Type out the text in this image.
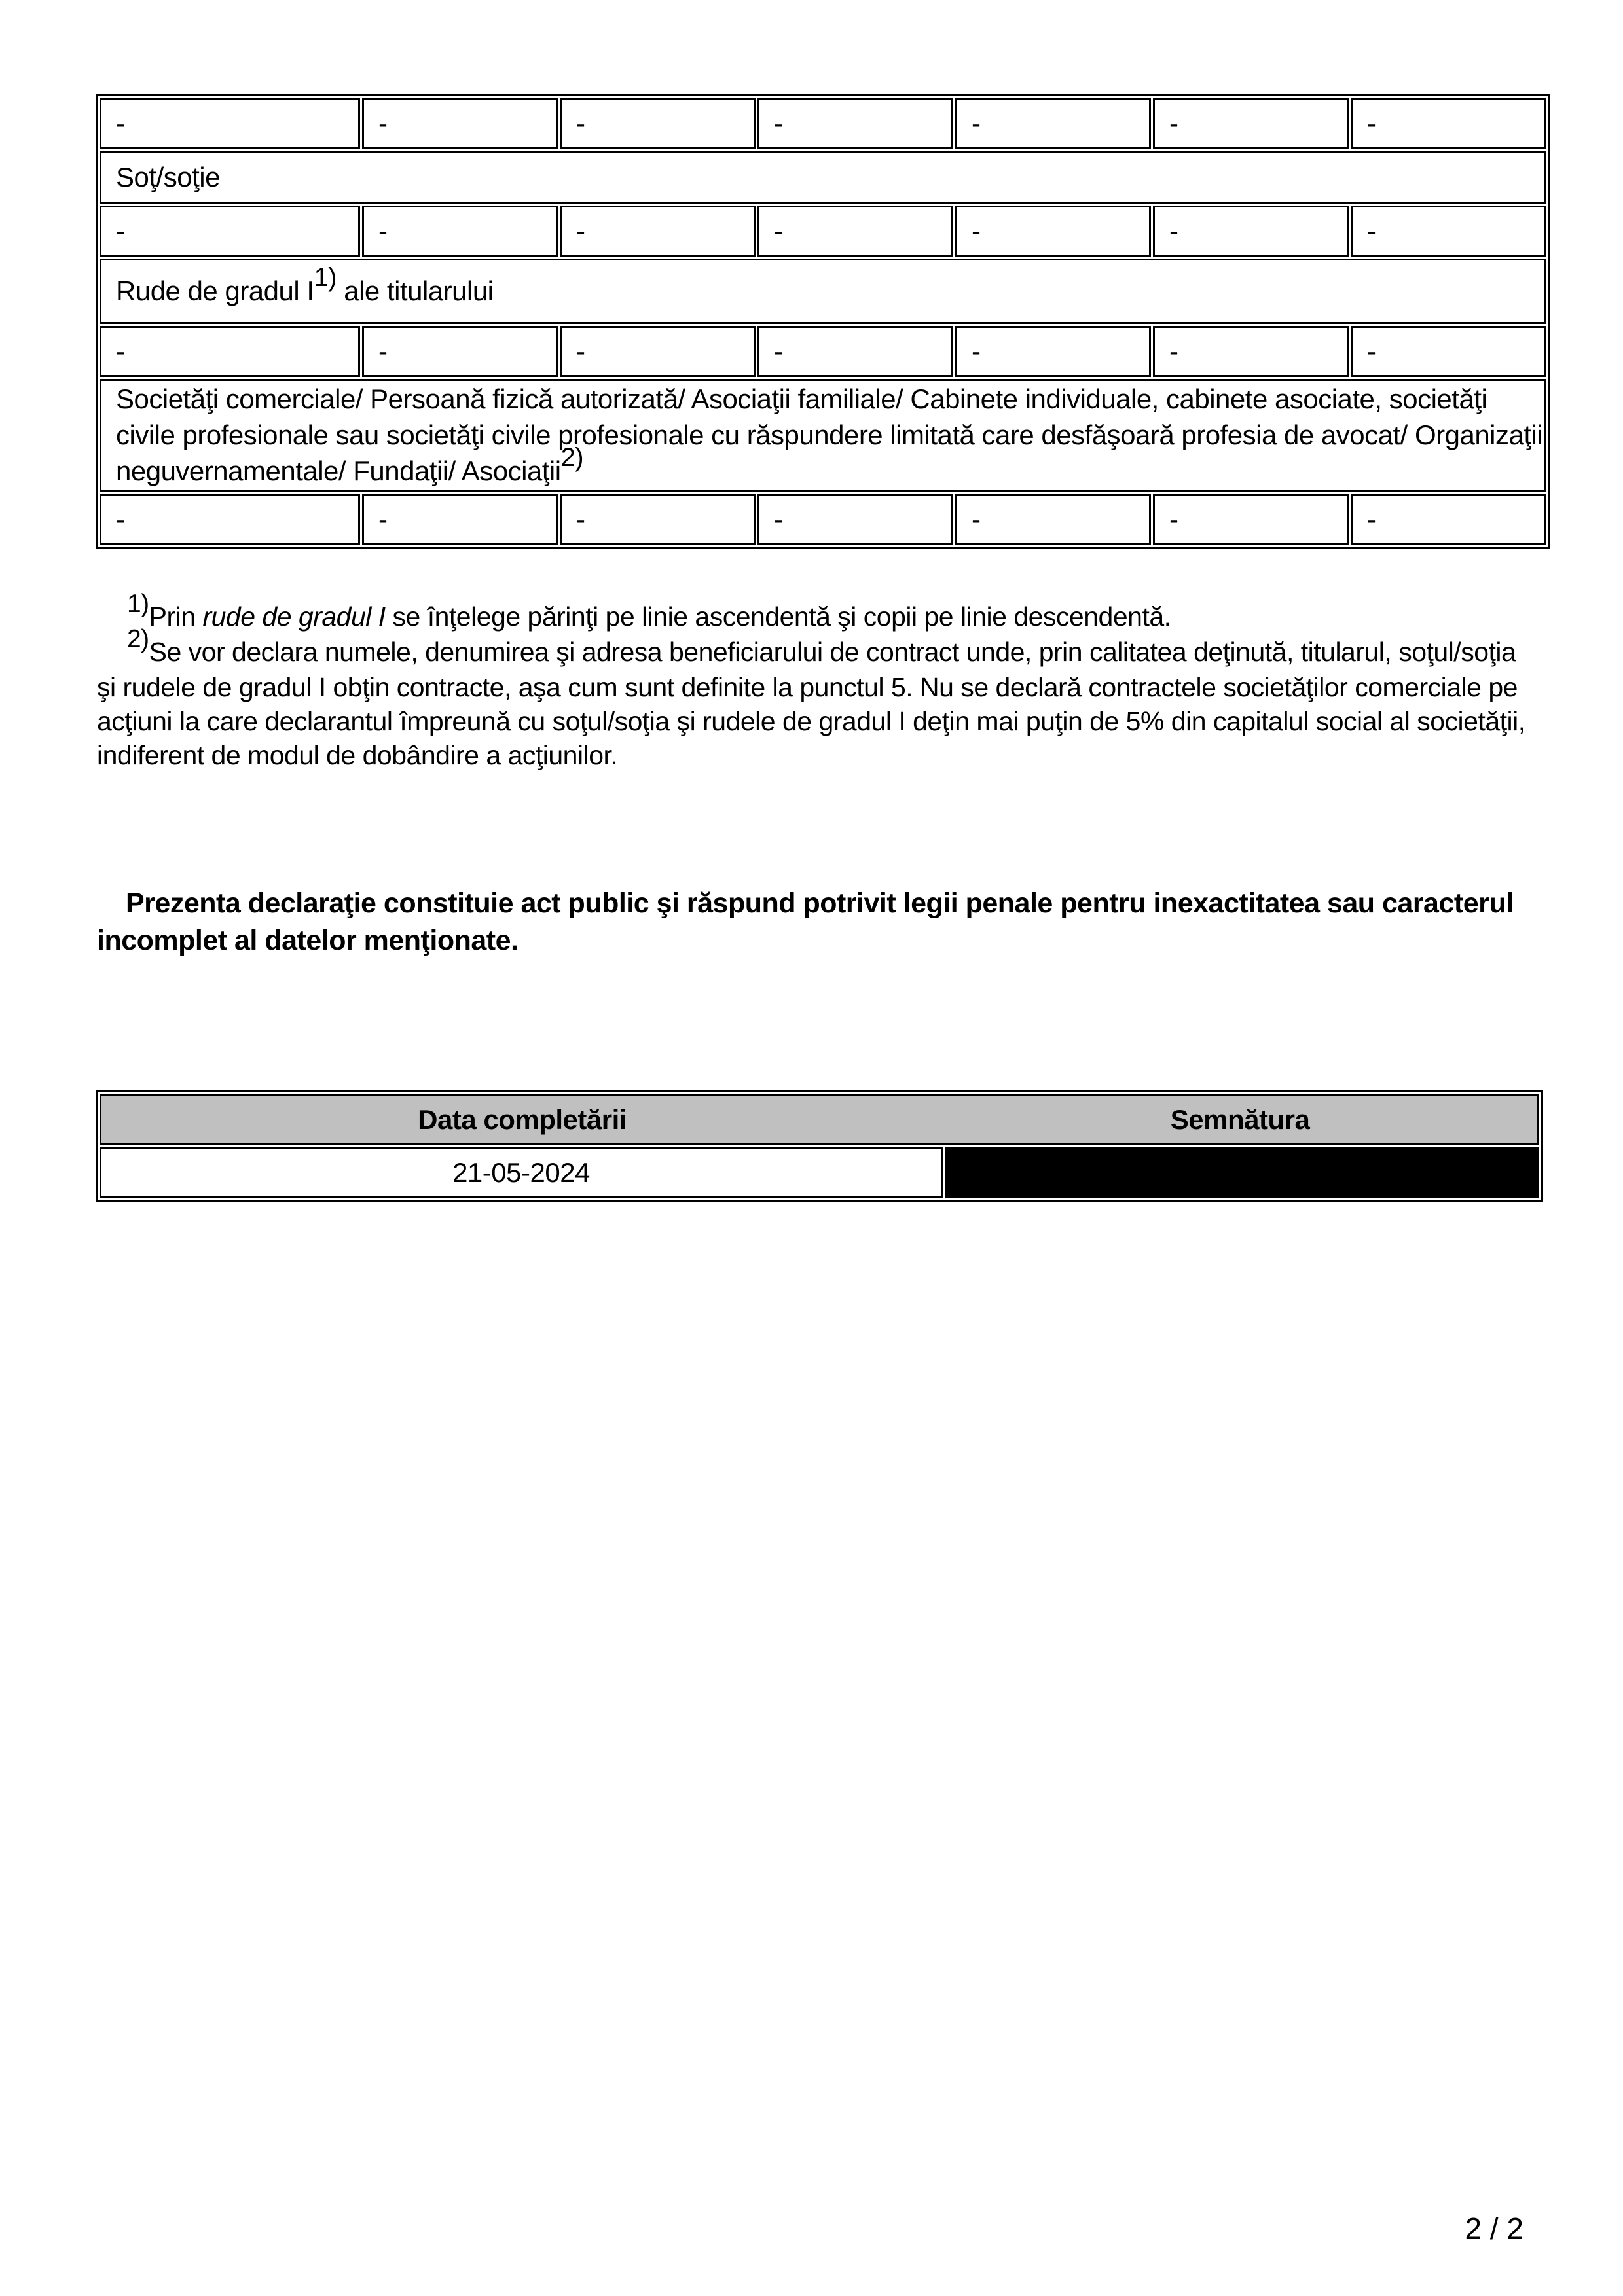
-	-	-	-	-	-	-
Soţ/soţie						
-	-	-	-	-	-	-
Rude de gradul I1) ale titularului						
-	-	-	-	-	-	-
Societăţi comerciale/ Persoană fizică autorizată/ Asociaţii familiale/ Cabinete individuale, cabinete asociate, societăţi civile profesionale sau societăţi civile profesionale cu răspundere limitată care desfăşoară profesia de avocat/ Organizaţii neguvernamentale/ Fundaţii/ Asociaţii2)						
-	-	-	-	-	-	-

1)Prin rude de gradul I se înţelege părinţi pe linie ascendentă şi copii pe linie descendentă.

2)Se vor declara numele, denumirea şi adresa beneficiarului de contract unde, prin calitatea deţinută, titularul, soţul/soţia şi rudele de gradul I obţin contracte, aşa cum sunt definite la punctul 5. Nu se declară contractele societăţilor comerciale pe acţiuni la care declarantul împreună cu soţul/soţia şi rudele de gradul I deţin mai puţin de 5% din capitalul social al societăţii, indiferent de modul de dobândire a acţiunilor.

Prezenta declaraţie constituie act public şi răspund potrivit legii penale pentru inexactitatea sau caracterul incomplet al datelor menţionate.
Data completării	Semnătura

21-05-2024	
2 / 2
